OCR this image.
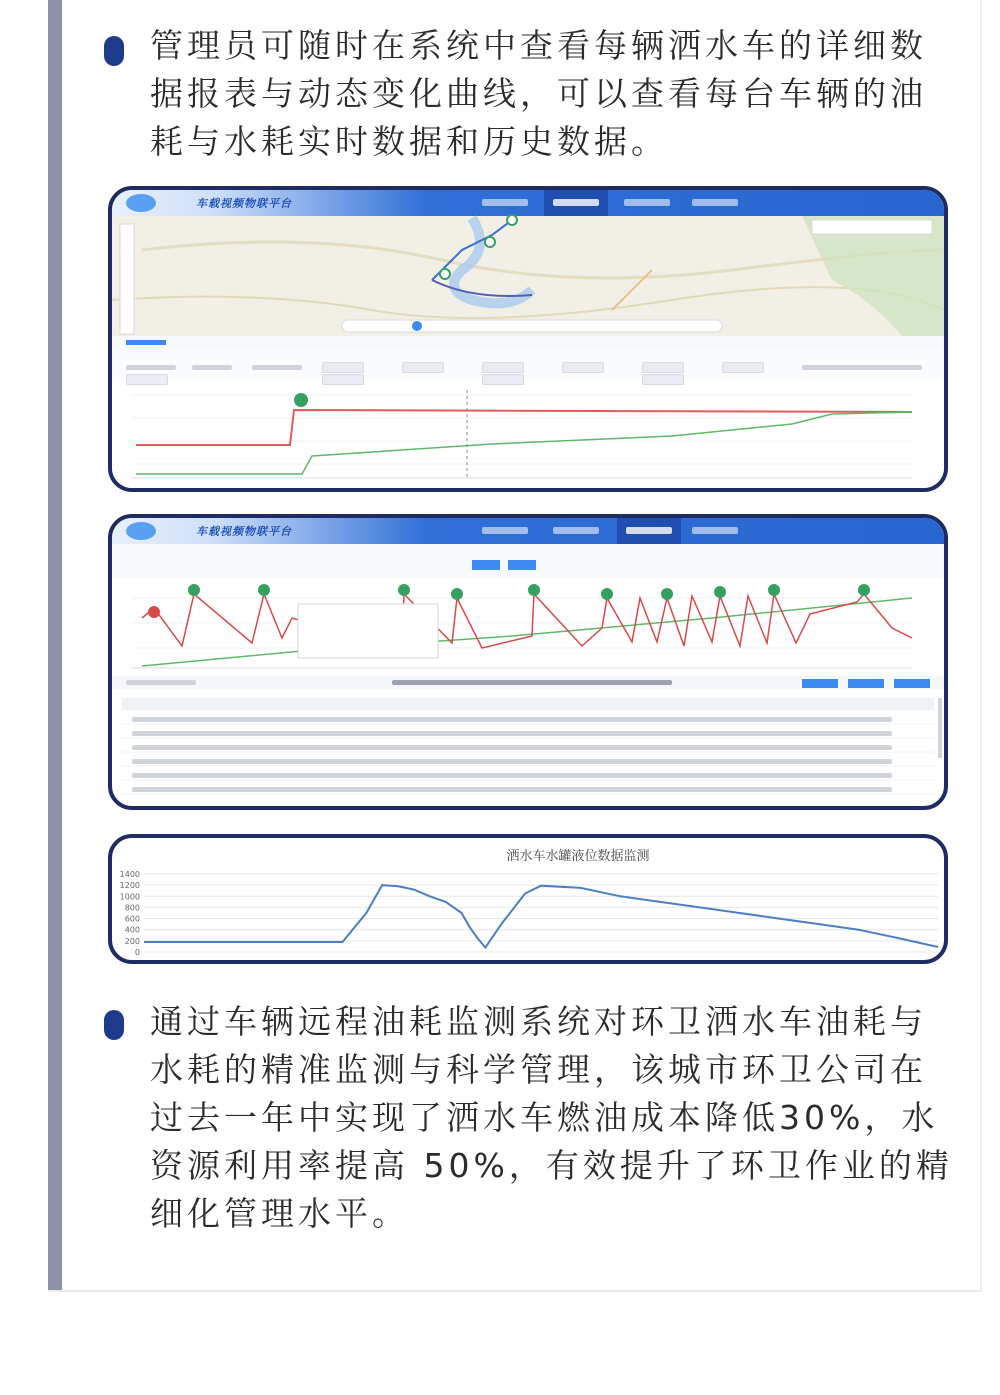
管理员可随时在系统中查看每辆洒水车的详细数据报表与动态变化曲线，可以查看每台车辆的油耗与水耗实时数据和历史数据。

车载视频物联平台
车载视频物联平台
洒水车水罐液位数据监测
0
200
400
600
800
1000
1200
1400

通过车辆远程油耗监测系统对环卫洒水车油耗与水耗的精准监测与科学管理，该城市环卫公司在过去一年中实现了洒水车燃油成本降低30%，水资源利用率提高 50%，有效提升了环卫作业的精细化管理水平。
